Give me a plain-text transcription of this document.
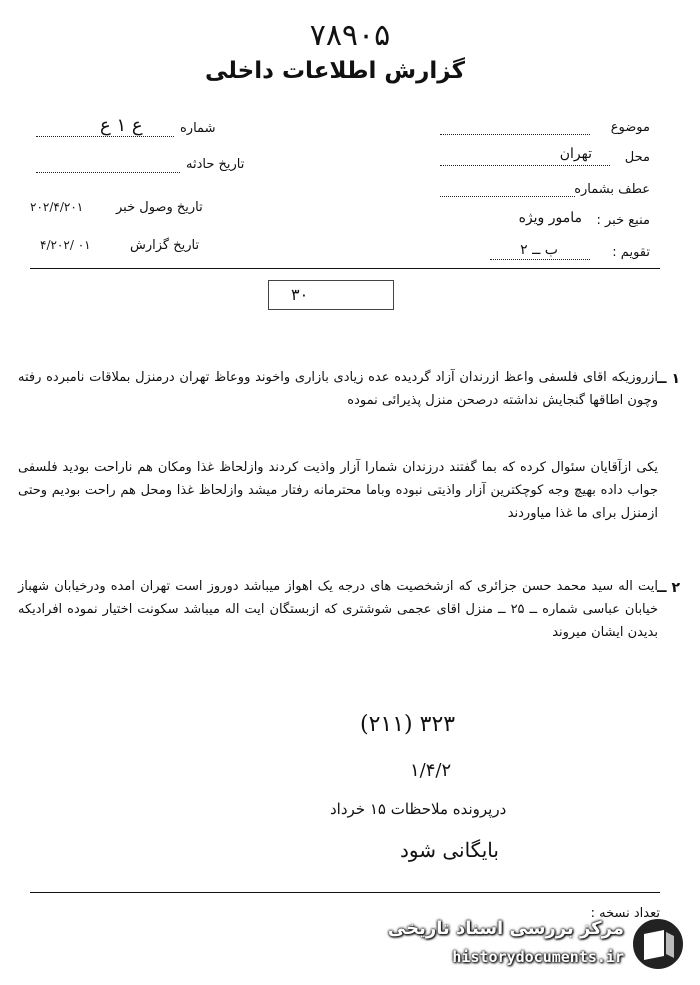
۷۸۹۰۵
گزارش اطلاعات داخلی
موضوع
محل
تهران
عطف بشماره
منبع خبر :
مامور ویژه
تقویم :
ب ــ ۲
شماره
ع ۱ ع
تاریخ حادثه
تاریخ وصول خبر
۲۰۲/۴/۲۰۱
تاریخ گزارش
۰۱ /۴/۲۰۲
۳۰
۱ ــ
ازروزیکه اقای فلسفی واعظ ازرندان آزاد گردیده عده زیادی بازاری واخوند ووعاظ تهران درمنزل بملاقات نامبرده رفته وچون اطاقها گنجایش نداشته درصحن منزل پذیرائی نموده
یکی ازآقایان سئوال کرده که بما گفتند درزندان شمارا آزار واذیت کردند وازلحاظ غذا ومکان هم ناراحت بودید فلسفی جواب داده بهیچ وجه کوچکترین آزار واذیتی نبوده وباما محترمانه رفتار میشد وازلحاظ غذا ومحل هم راحت بودیم وحتی ازمنزل برای ما غذا میاوردند
۲ ــ
ایت اله سید محمد حسن جزائری که ازشخصیت های درجه یک اهواز میباشد دوروز است تهران امده ودرخیابان شهباز خیابان عباسی شماره ــ ۲۵ ــ منزل اقای عجمی شوشتری که ازبستگان ایت اله میباشد سکونت اختیار نموده افرادیکه بدیدن ایشان میروند
۳۲۳ (۲۱۱)
۱/۴/۲
درپرونده ملاحظات ۱۵ خرداد
بایگانی شود
تعداد نسخه :
مرکز بررسی اسناد تاریخی
historydocuments.ir
